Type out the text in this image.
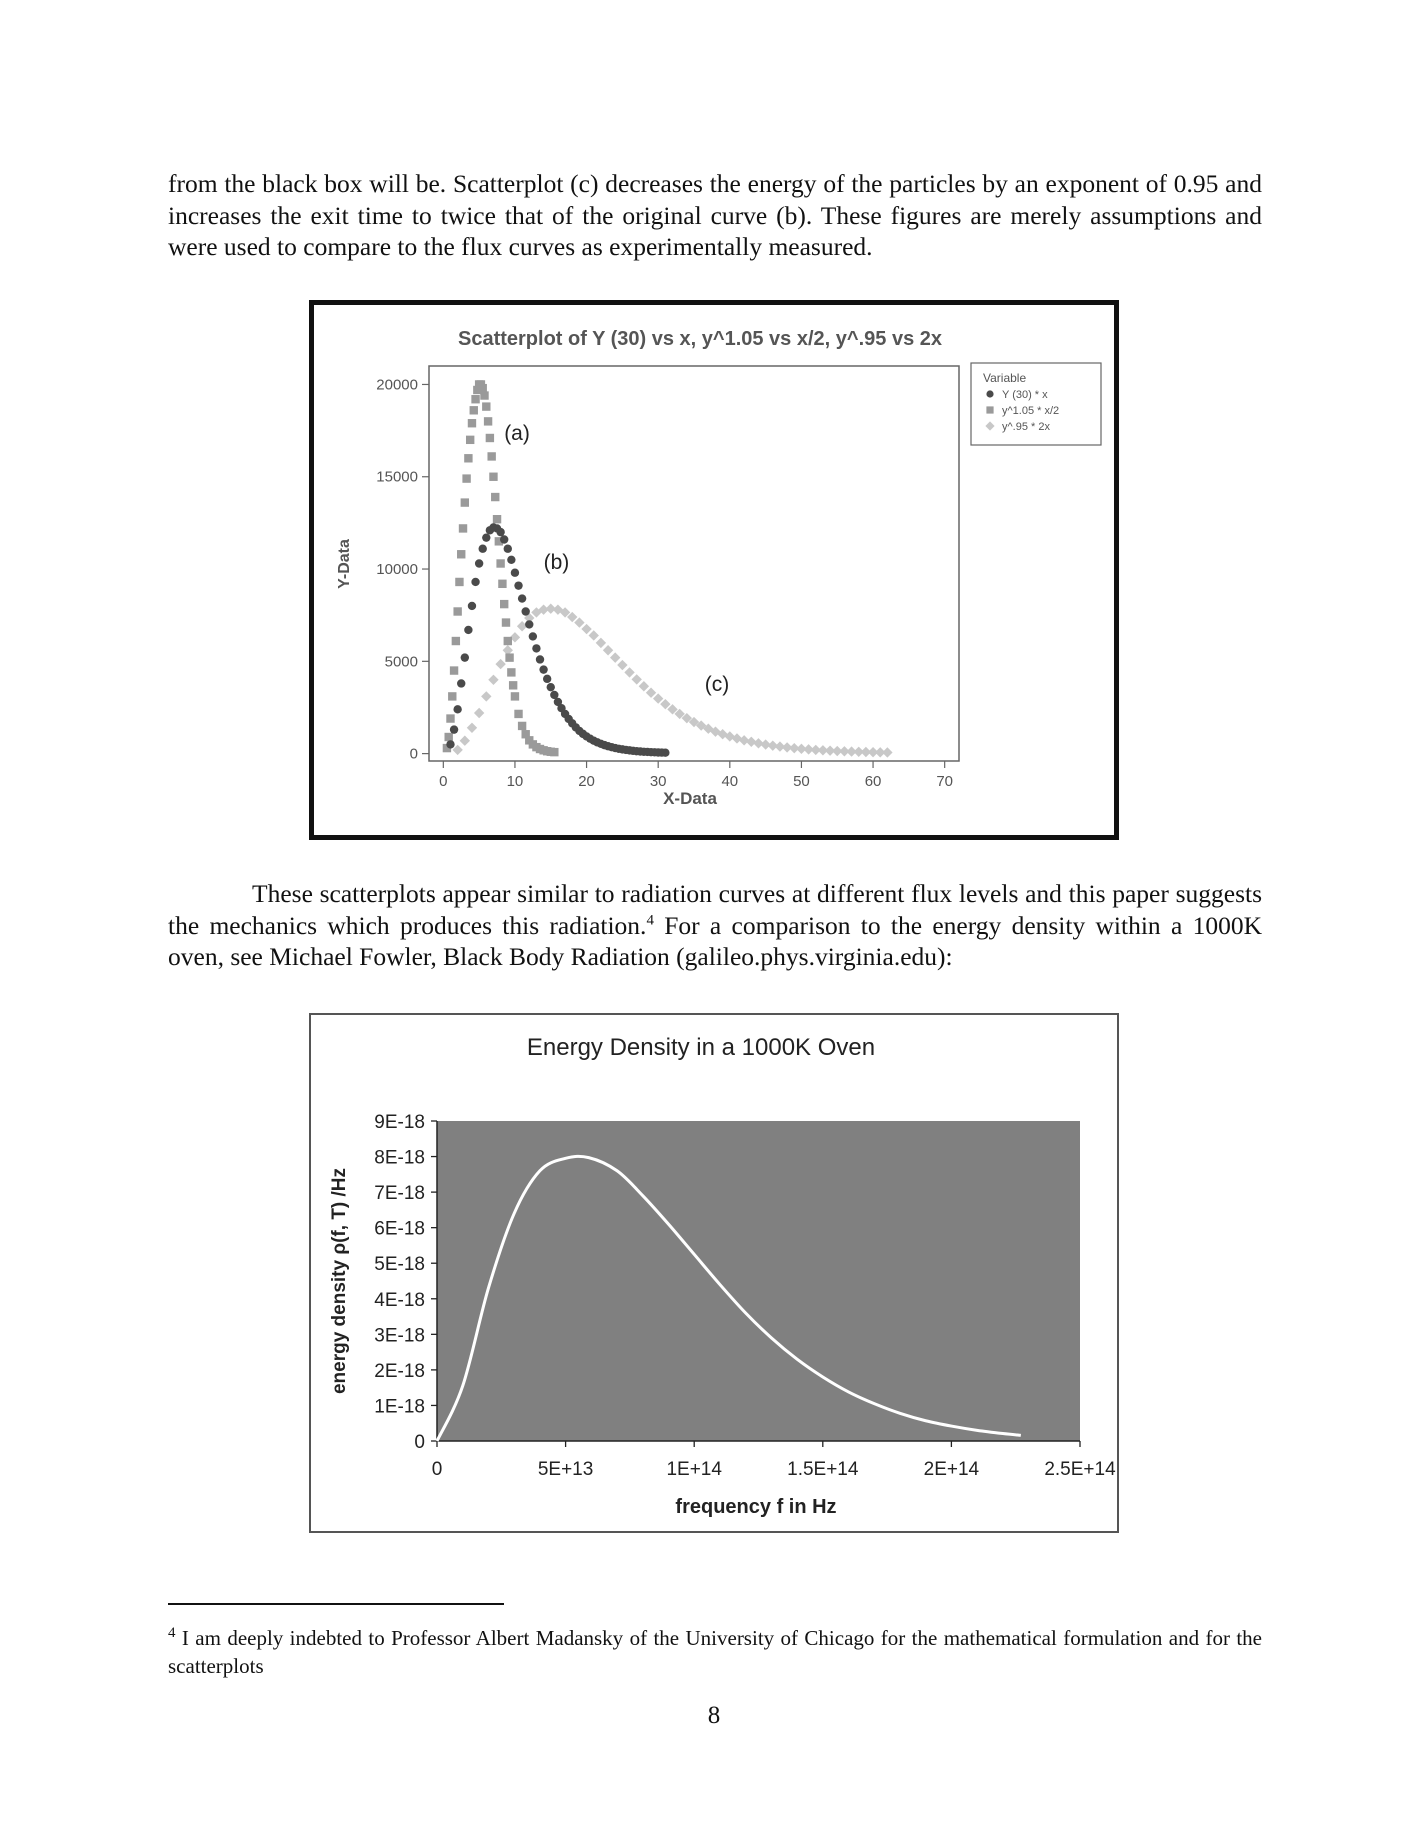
from the black box will be. Scatterplot (c) decreases the energy of the particles by an exponent of 0.95 and increases the exit time to twice that of the original curve (b). These figures are merely assumptions and were used to compare to the flux curves as experimentally measured.

Scatterplot of Y (30) vs x, y^1.05 vs x/2, y^.95 vs 2x
0	10	20	30	40	50	60	70
0
5000
10000
15000
20000
(a)
(b)
(c)
X-Data
Y-Data
Variable
Y (30) * x
y^1.05 * x/2
y^.95 * 2x

These scatterplots appear similar to radiation curves at different flux levels and this paper suggests the mechanics which produces this radiation.$^4$ For a comparison to the energy density within a 1000K oven, see Michael Fowler, Black Body Radiation (galileo.phys.virginia.edu):

Energy Density in a 1000K Oven
0	5E+13	1E+14	1.5E+14	2E+14	2.5E+14
0
1E-18
2E-18
3E-18
4E-18
5E-18
6E-18
7E-18
8E-18
9E-18
frequency f in Hz
energy density ρ(f, T) /Hz

$^4$ I am deeply indebted to Professor Albert Madansky of the University of Chicago for the mathematical formulation and for the scatterplots

8
